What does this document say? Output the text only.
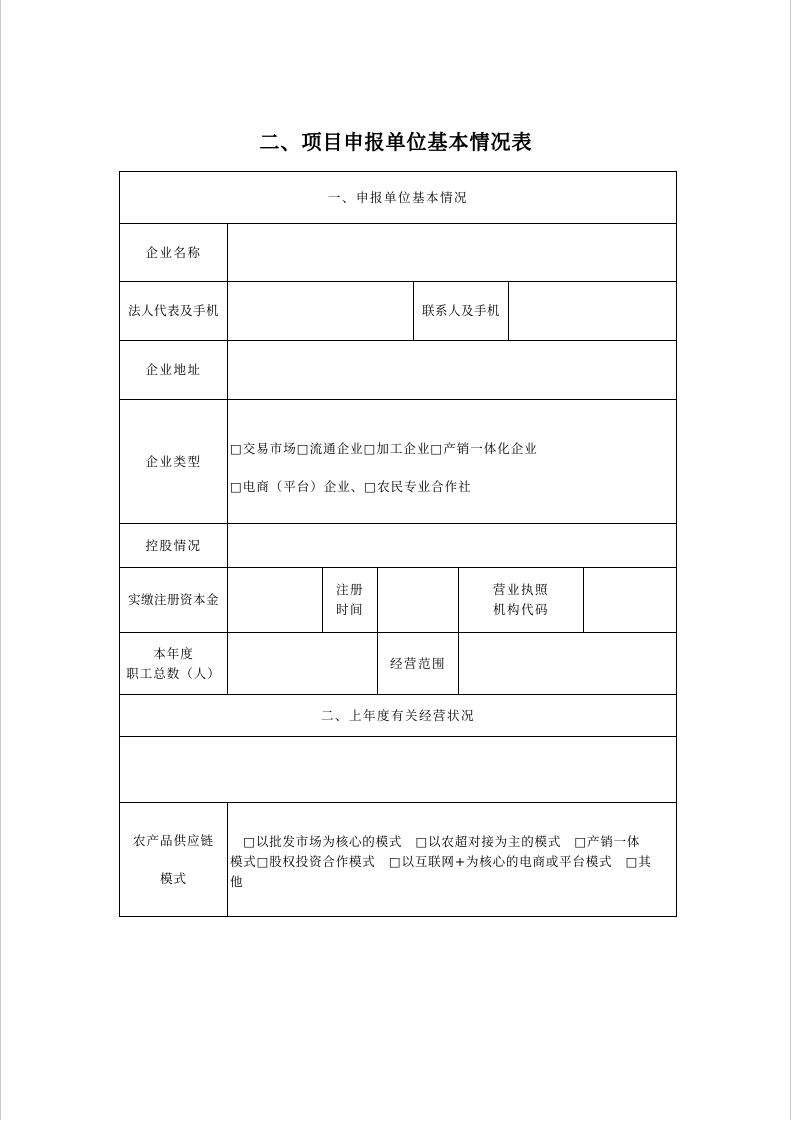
二、项目申报单位基本情况表
一、申报单位基本情况
企业名称
法人代表及手机	联系人及手机
企业地址
企业类型
□交易市场□流通企业□加工企业□产销一体化企业
□电商（平台）企业、□农民专业合作社
控股情况
实缴注册资本金
注册
时间
营业执照
机构代码
本年度
职工总数（人）
经营范围
二、上年度有关经营状况
农产品供应链
模式
　□以批发市场为核心的模式　□以农超对接为主的模式　□产销一体
模式□股权投资合作模式　□以互联网+为核心的电商或平台模式　□其
他
